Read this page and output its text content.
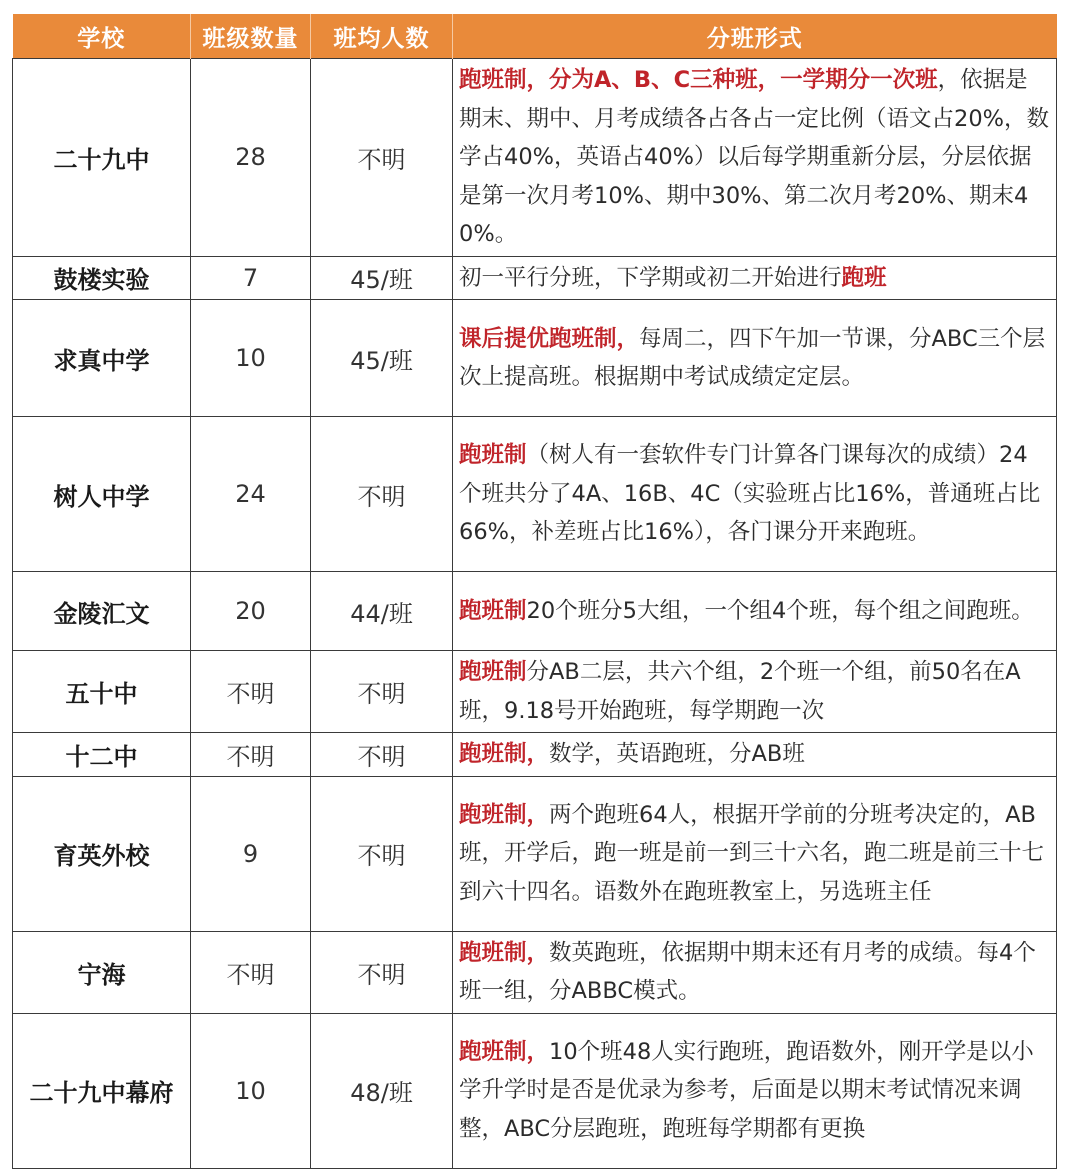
学校	班级数量	班均人数	分班形式
二十九中	28	不明	跑班制，分为A、B、C三种班，一学期分一次班，依据是期末、期中、月考成绩各占各占一定比例（语文占20%，数学占40%，英语占40%）以后每学期重新分层，分层依据是第一次月考10%、期中30%、第二次月考20%、期末40%。
鼓楼实验	7	45/班	初一平行分班，下学期或初二开始进行跑班
求真中学	10	45/班	课后提优跑班制，每周二，四下午加一节课，分ABC三个层次上提高班。根据期中考试成绩定定层。
树人中学	24	不明	跑班制（树人有一套软件专门计算各门课每次的成绩）24个班共分了4A、16B、4C（实验班占比16%，普通班占比66%，补差班占比16%），各门课分开来跑班。
金陵汇文	20	44/班	跑班制20个班分5大组，一个组4个班，每个组之间跑班。
五十中	不明	不明	跑班制分AB二层，共六个组，2个班一个组，前50名在A班，9.18号开始跑班，每学期跑一次
十二中	不明	不明	跑班制，数学，英语跑班，分AB班
育英外校	9	不明	跑班制，两个跑班64人，根据开学前的分班考决定的，AB班，开学后，跑一班是前一到三十六名，跑二班是前三十七到六十四名。语数外在跑班教室上，另选班主任
宁海	不明	不明	跑班制，数英跑班，依据期中期末还有月考的成绩。每4个班一组，分ABBC模式。
二十九中幕府	10	48/班	跑班制，10个班48人实行跑班，跑语数外，刚开学是以小学升学时是否是优录为参考，后面是以期末考试情况来调整，ABC分层跑班，跑班每学期都有更换
